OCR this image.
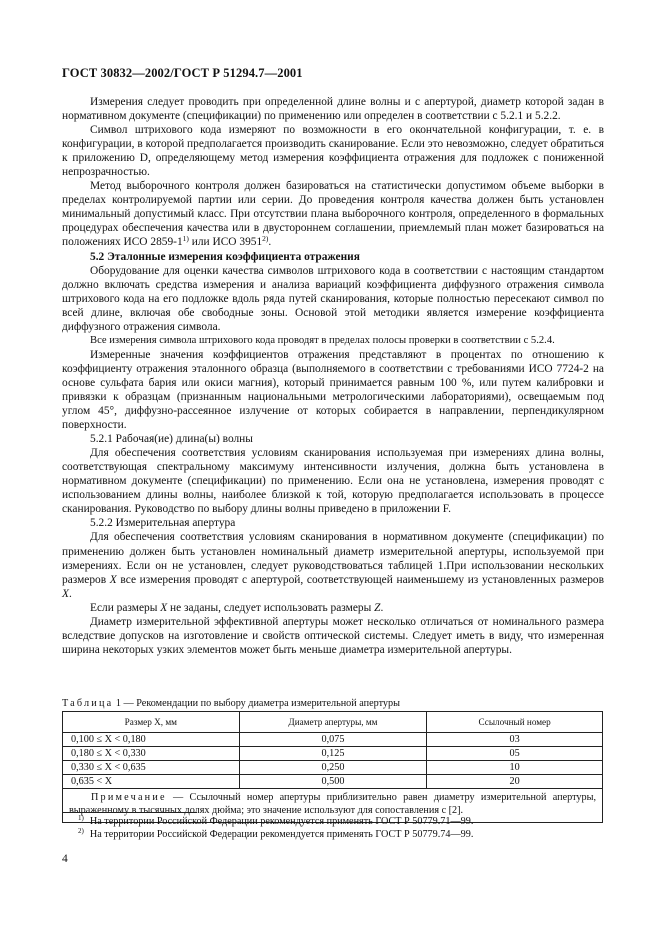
ГОСТ 30832—2002/ГОСТ Р 51294.7—2001

Измерения следует проводить при определенной длине волны и с апертурой, диаметр которой задан в нормативном документе (спецификации) по применению или определен в соответствии с 5.2.1 и 5.2.2.

Символ штрихового кода измеряют по возможности в его окончательной конфигурации, т. е. в конфигурации, в которой предполагается производить сканирование. Если это невозможно, следует обратиться к приложению D, определяющему метод измерения коэффициента отражения для подложек с пониженной непрозрачностью.

Метод выборочного контроля должен базироваться на статистически допустимом объеме выборки в пределах контролируемой партии или серии. До проведения контроля качества должен быть установлен минимальный допустимый класс. При отсутствии плана выборочного контроля, определенного в формальных процедурах обеспечения качества или в двустороннем соглашении, приемлемый план может базироваться на положениях ИСО 2859-1$^{1)}$ или ИСО 3951$^{2)}$.

5.2 Эталонные измерения коэффициента отражения

Оборудование для оценки качества символов штрихового кода в соответствии с настоящим стандартом должно включать средства измерения и анализа вариаций коэффициента диффузного отражения символа штрихового кода на его подложке вдоль ряда путей сканирования, которые полностью пересекают символ по всей длине, включая обе свободные зоны. Основой этой методики является измерение коэффициента диффузного отражения символа.

Все измерения символа штрихового кода проводят в пределах полосы проверки в соответствии с 5.2.4.

Измеренные значения коэффициентов отражения представляют в процентах по отношению к коэффициенту отражения эталонного образца (выполняемого в соответствии с требованиями ИСО 7724-2 на основе сульфата бария или окиси магния), который принимается равным 100 %, или путем калибровки и привязки к образцам (признанным национальными метрологическими лабораториями), освещаемым под углом 45°, диффузно-рассеянное излучение от которых собирается в направлении, перпендикулярном поверхности.

5.2.1 Рабочая(ие) длина(ы) волны

Для обеспечения соответствия условиям сканирования используемая при измерениях длина волны, соответствующая спектральному максимуму интенсивности излучения, должна быть установлена в нормативном документе (спецификации) по применению. Если она не установлена, измерения проводят с использованием длины волны, наиболее близкой к той, которую предполагается использовать в процессе сканирования. Руководство по выбору длины волны приведено в приложении F.

5.2.2 Измерительная апертура

Для обеспечения соответствия условиям сканирования в нормативном документе (спецификации) по применению должен быть установлен номинальный диаметр измерительной апертуры, используемой при измерениях. Если он не установлен, следует руководствоваться таблицей 1.При использовании нескольких размеров X все измерения проводят с апертурой, соответствующей наименьшему из установленных размеров X.

Если размеры X не заданы, следует использовать размеры Z.

Диаметр измерительной эффективной апертуры может несколько отличаться от номинального размера вследствие допусков на изготовление и свойств оптической системы. Следует иметь в виду, что измеренная ширина некоторых узких элементов может быть меньше диаметра измерительной апертуры.

Таблица 1 — Рекомендации по выбору диаметра измерительной апертуры
Размер X, мм	Диаметр апертуры, мм	Ссылочный номер
0,100 ≤ X < 0,180	0,075	03
0,180 ≤ X < 0,330	0,125	05
0,330 ≤ X < 0,635	0,250	10
0,635 < X	0,500	20
Примечание — Ссылочный номер апертуры приблизительно равен диаметру измерительной апертуры, выраженному в тысячных долях дюйма; это значение используют для сопоставления с [2].		
$^{1)}$ На территории Российской Федерации рекомендуется применять ГОСТ Р 50779.71—99.
$^{2)}$ На территории Российской Федерации рекомендуется применять ГОСТ Р 50779.74—99.
4
